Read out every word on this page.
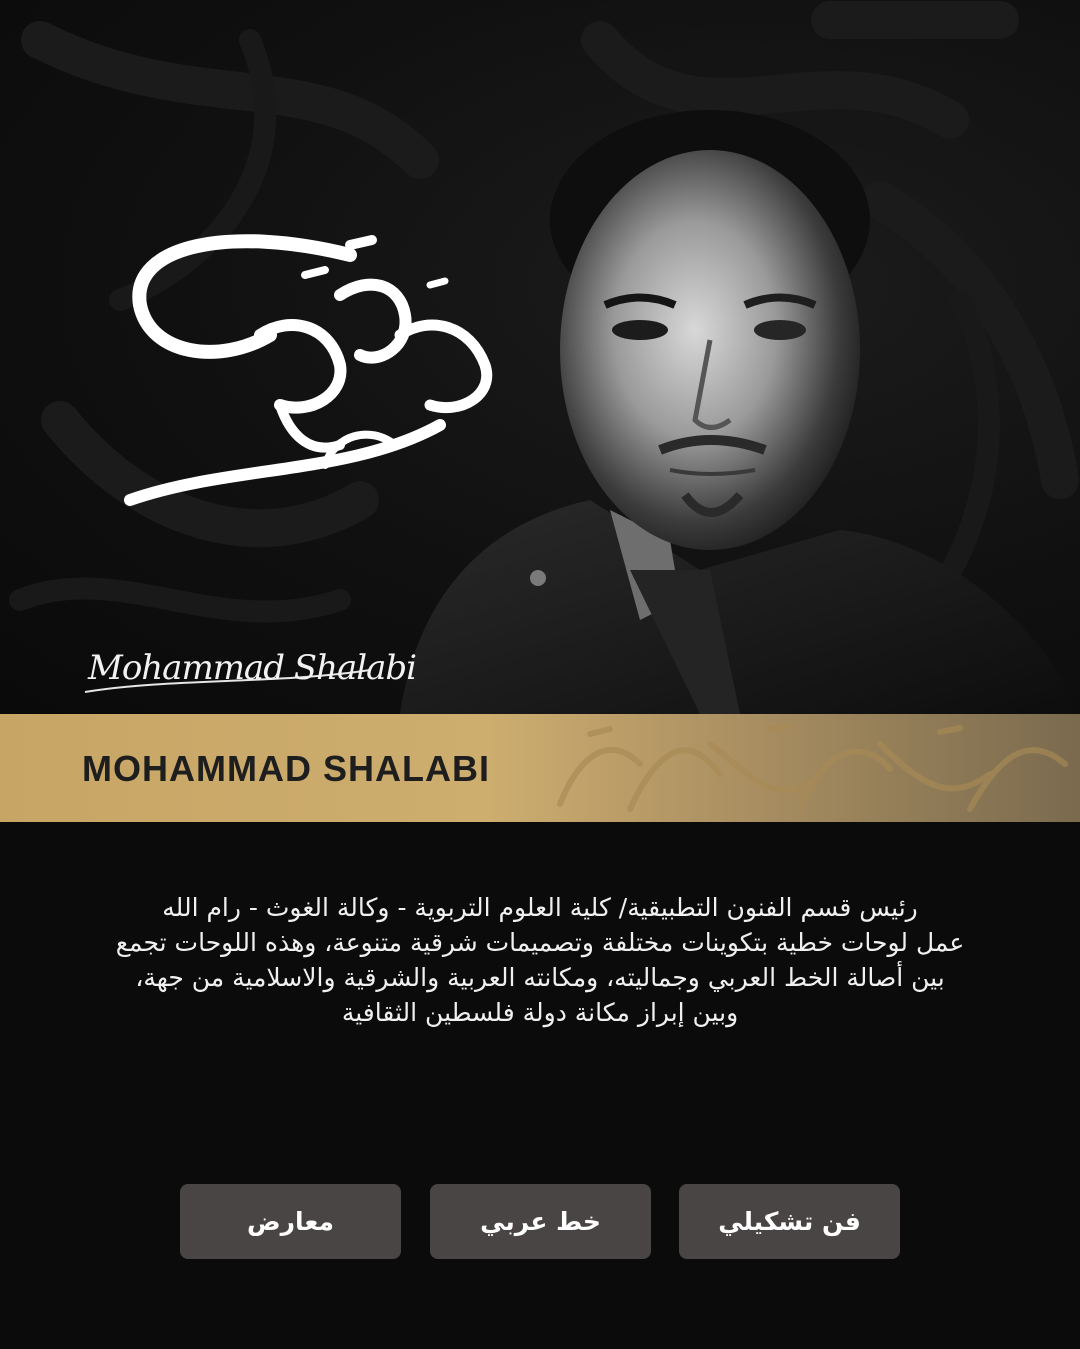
Mohammad Shalabi
MOHAMMAD SHALABI

رئيس قسم الفنون التطبيقية/ كلية العلوم التربوية - وكالة الغوث - رام الله

عمل لوحات خطية بتكوينات مختلفة وتصميمات شرقية متنوعة، وهذه اللوحات تجمع بين أصالة الخط العربي وجماليته، ومكانته العربية والشرقية والاسلامية من جهة، وبين إبراز مكانة دولة فلسطين الثقافية

فن تشكيلي
خط عربي
معارض
